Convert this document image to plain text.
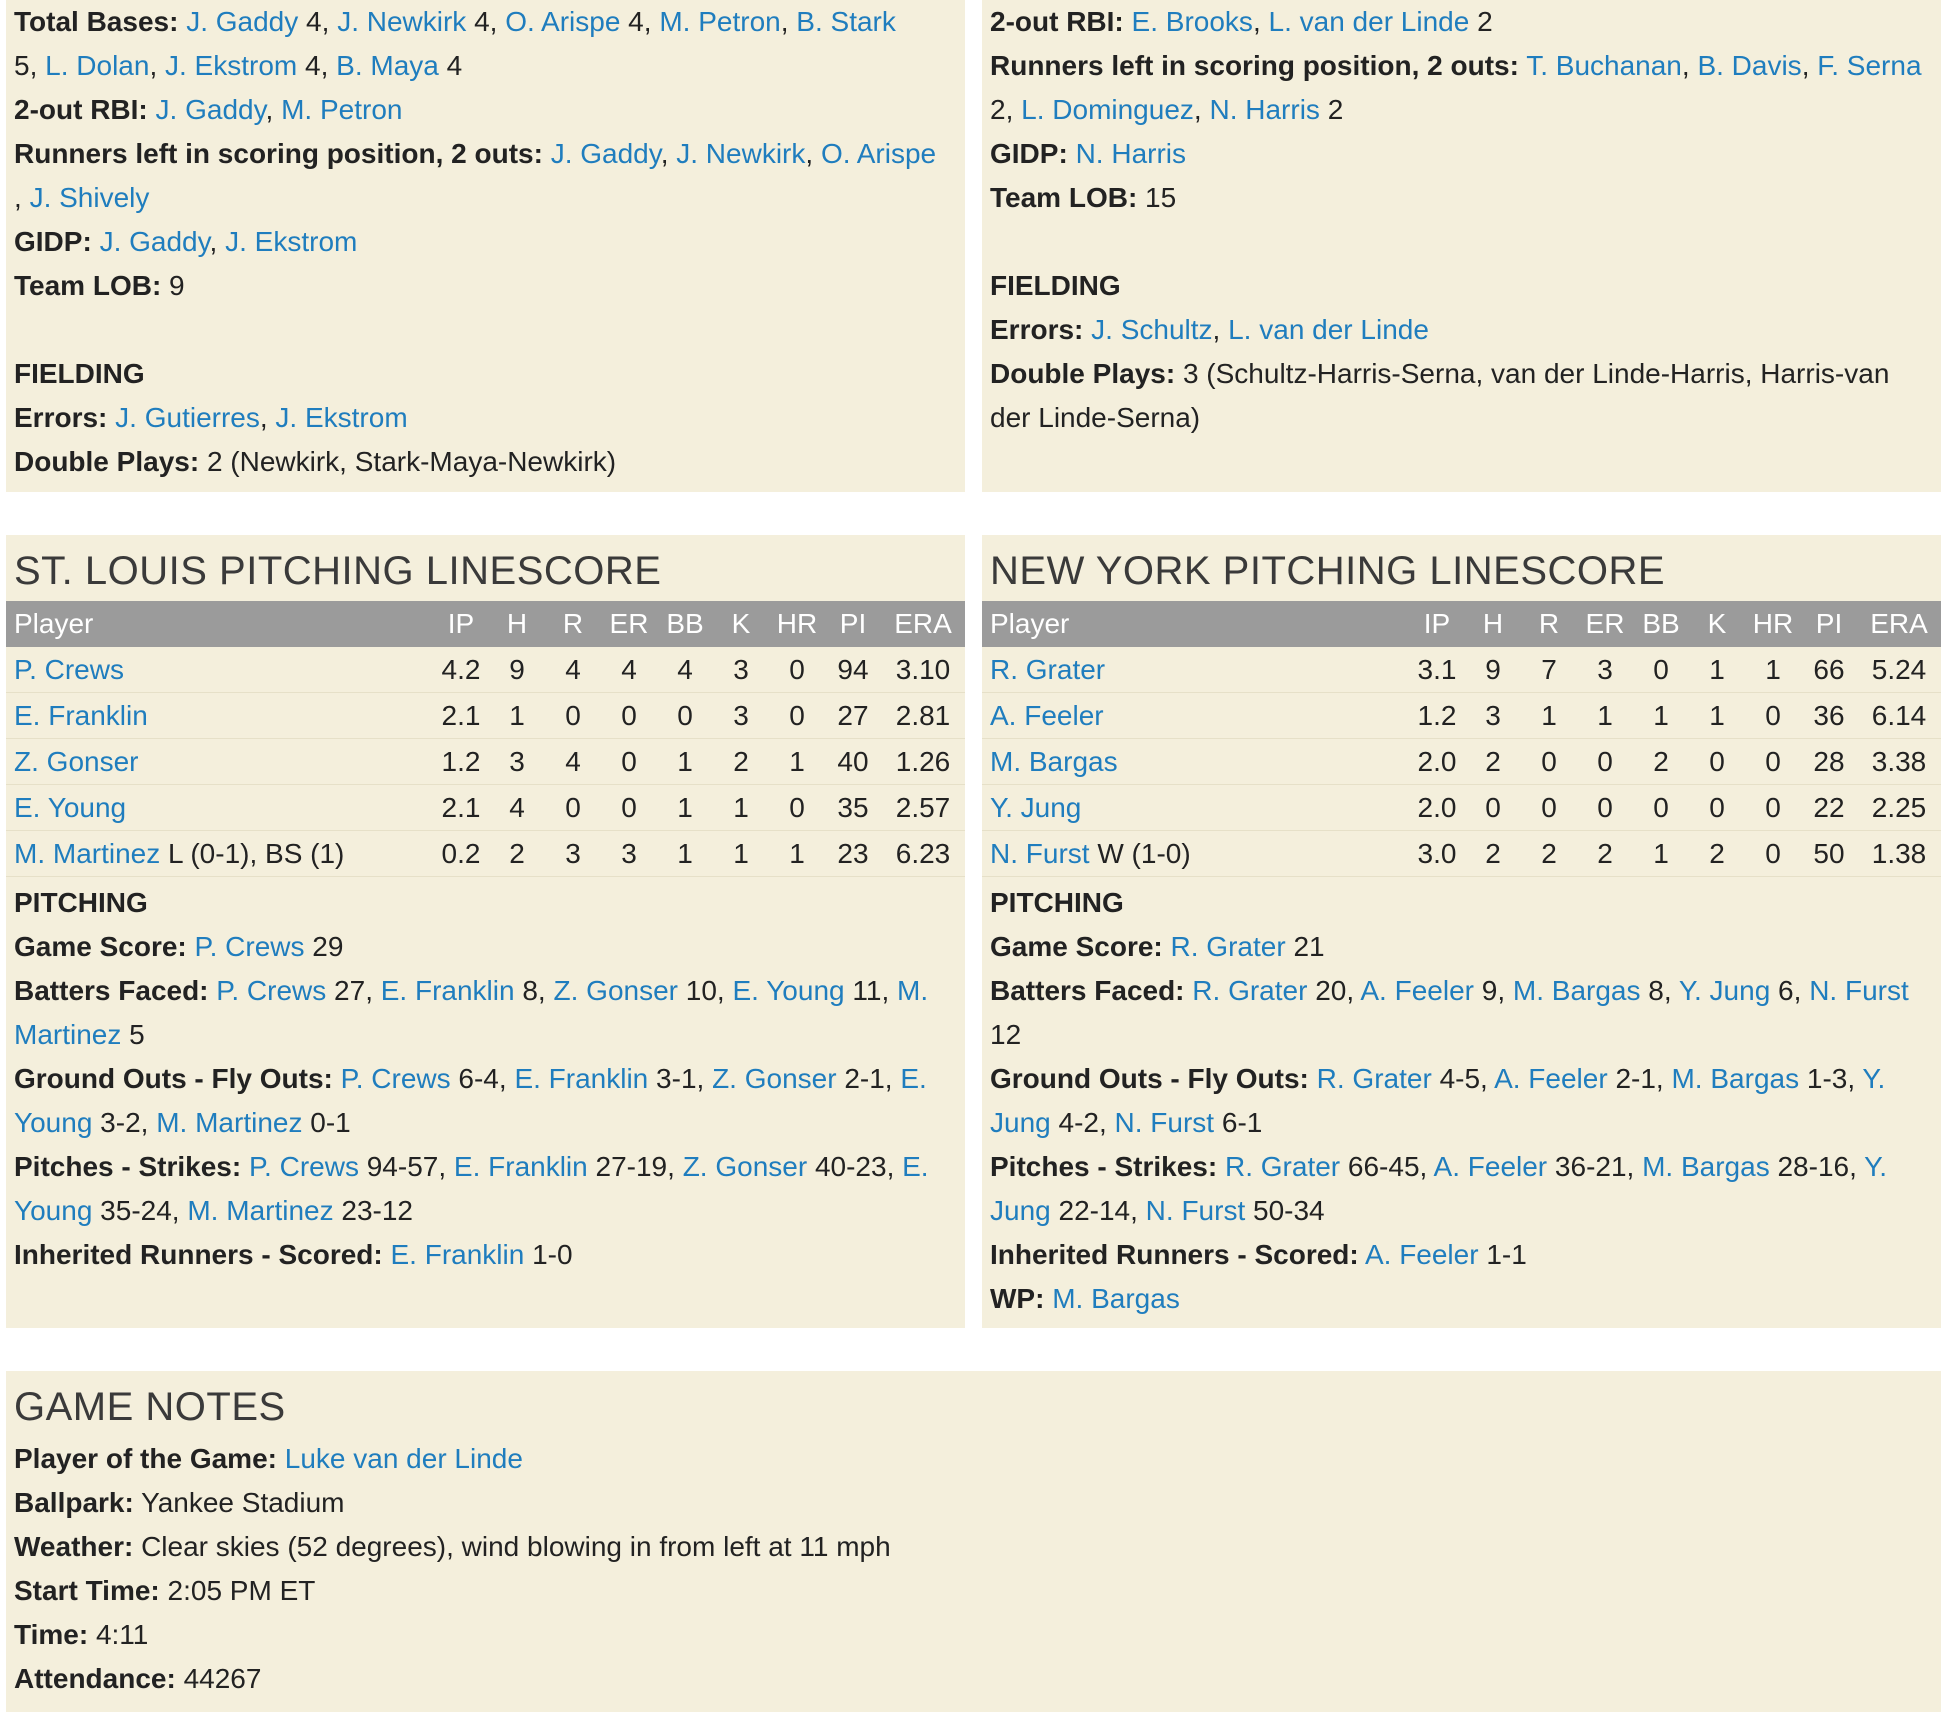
Total Bases: J. Gaddy 4, J. Newkirk 4, O. Arispe 4, M. Petron, B. Stark
5, L. Dolan, J. Ekstrom 4, B. Maya 4

2-out RBI: J. Gaddy, M. Petron

Runners left in scoring position, 2 outs: J. Gaddy, J. Newkirk, O. Arispe
, J. Shively

GIDP: J. Gaddy, J. Ekstrom

Team LOB: 9

FIELDING

Errors: J. Gutierres, J. Ekstrom

Double Plays: 2 (Newkirk, Stark-Maya-Newkirk)

2-out RBI: E. Brooks, L. van der Linde 2

Runners left in scoring position, 2 outs: T. Buchanan, B. Davis, F. Serna
2, L. Dominguez, N. Harris 2

GIDP: N. Harris

Team LOB: 15

FIELDING

Errors: J. Schultz, L. van der Linde

Double Plays: 3 (Schultz-Harris-Serna, van der Linde-Harris, Harris-van der Linde-Serna)

ST. LOUIS PITCHING LINESCORE
Player	IP	H	R	ER	BB	K	HR	PI	ERA
P. Crews	4.2	9	4	4	4	3	0	94	3.10
E. Franklin	2.1	1	0	0	0	3	0	27	2.81
Z. Gonser	1.2	3	4	0	1	2	1	40	1.26
E. Young	2.1	4	0	0	1	1	0	35	2.57
M. Martinez L (0-1), BS (1)	0.2	2	3	3	1	1	1	23	6.23

PITCHING

Game Score: P. Crews 29

Batters Faced: P. Crews 27, E. Franklin 8, Z. Gonser 10, E. Young 11, M. Martinez 5

Ground Outs - Fly Outs: P. Crews 6-4, E. Franklin 3-1, Z. Gonser 2-1, E. Young 3-2, M. Martinez 0-1

Pitches - Strikes: P. Crews 94-57, E. Franklin 27-19, Z. Gonser 40-23, E. Young 35-24, M. Martinez 23-12

Inherited Runners - Scored: E. Franklin 1-0

NEW YORK PITCHING LINESCORE
Player	IP	H	R	ER	BB	K	HR	PI	ERA
R. Grater	3.1	9	7	3	0	1	1	66	5.24
A. Feeler	1.2	3	1	1	1	1	0	36	6.14
M. Bargas	2.0	2	0	0	2	0	0	28	3.38
Y. Jung	2.0	0	0	0	0	0	0	22	2.25
N. Furst W (1-0)	3.0	2	2	2	1	2	0	50	1.38

PITCHING

Game Score: R. Grater 21

Batters Faced: R. Grater 20, A. Feeler 9, M. Bargas 8, Y. Jung 6, N. Furst 12

Ground Outs - Fly Outs: R. Grater 4-5, A. Feeler 2-1, M. Bargas 1-3, Y. Jung 4-2, N. Furst 6-1

Pitches - Strikes: R. Grater 66-45, A. Feeler 36-21, M. Bargas 28-16, Y. Jung 22-14, N. Furst 50-34

Inherited Runners - Scored: A. Feeler 1-1

WP: M. Bargas

GAME NOTES

Player of the Game: Luke van der Linde

Ballpark: Yankee Stadium

Weather: Clear skies (52 degrees), wind blowing in from left at 11 mph

Start Time: 2:05 PM ET

Time: 4:11

Attendance: 44267
